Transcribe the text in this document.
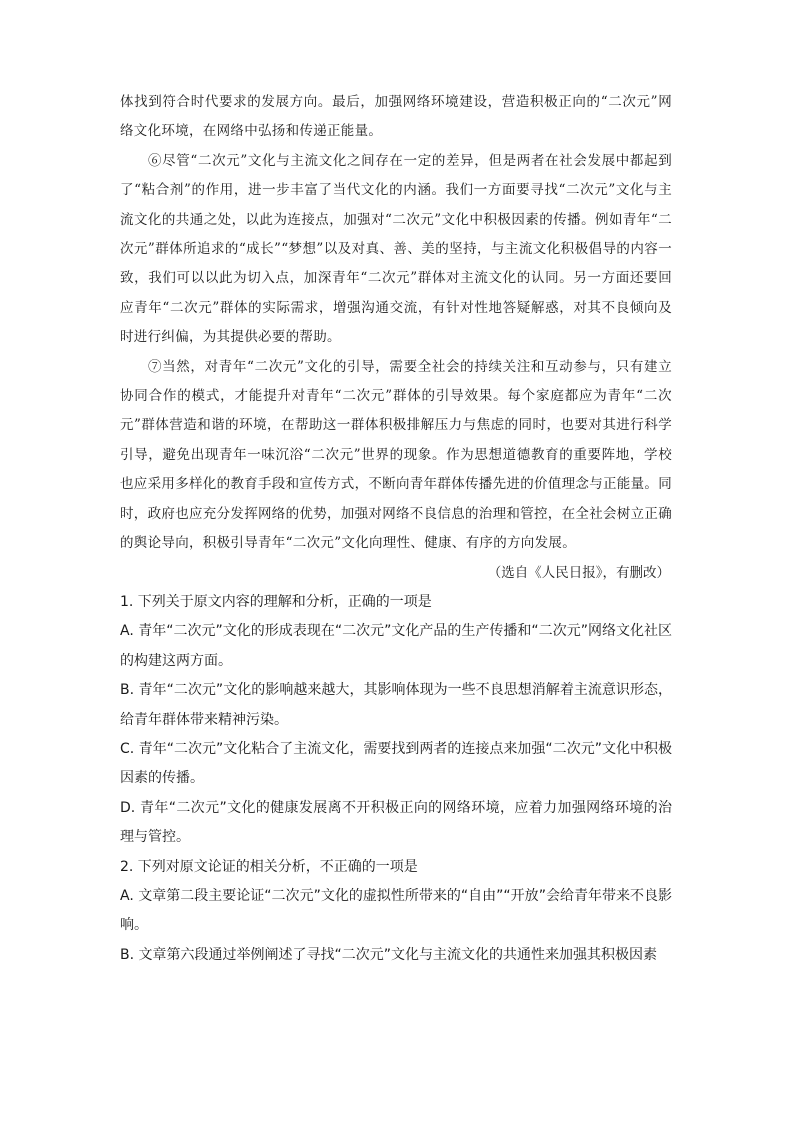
体找到符合时代要求的发展方向。最后，加强网络环境建设，营造积极正向的“二次元”网络文化环境，在网络中弘扬和传递正能量。

⑥尽管“二次元”文化与主流文化之间存在一定的差异，但是两者在社会发展中都起到了“粘合剂”的作用，进一步丰富了当代文化的内涵。我们一方面要寻找“二次元”文化与主流文化的共通之处，以此为连接点，加强对“二次元”文化中积极因素的传播。例如青年“二次元”群体所追求的“成长”“梦想”以及对真、善、美的坚持，与主流文化积极倡导的内容一致，我们可以以此为切入点，加深青年“二次元”群体对主流文化的认同。另一方面还要回应青年“二次元”群体的实际需求，增强沟通交流，有针对性地答疑解惑，对其不良倾向及时进行纠偏，为其提供必要的帮助。

⑦当然，对青年“二次元”文化的引导，需要全社会的持续关注和互动参与，只有建立协同合作的模式，才能提升对青年“二次元”群体的引导效果。每个家庭都应为青年“二次元”群体营造和谐的环境，在帮助这一群体积极排解压力与焦虑的同时，也要对其进行科学引导，避免出现青年一味沉浴“二次元”世界的现象。作为思想道德教育的重要阵地，学校也应采用多样化的教育手段和宣传方式，不断向青年群体传播先进的价值理念与正能量。同时，政府也应充分发挥网络的优势，加强对网络不良信息的治理和管控，在全社会树立正确的舆论导向，积极引导青年“二次元”文化向理性、健康、有序的方向发展。

（选自《人民日报》，有删改）

1. 下列关于原文内容的理解和分析，正确的一项是

A. 青年“二次元”文化的形成表现在“二次元”文化产品的生产传播和“二次元”网络文化社区的构建这两方面。

B. 青年“二次元”文化的影响越来越大，其影响体现为一些不良思想消解着主流意识形态，给青年群体带来精神污染。

C. 青年“二次元”文化粘合了主流文化，需要找到两者的连接点来加强“二次元”文化中积极因素的传播。

D. 青年“二次元”文化的健康发展离不开积极正向的网络环境，应着力加强网络环境的治理与管控。

2. 下列对原文论证的相关分析，不正确的一项是

A. 文章第二段主要论证“二次元”文化的虚拟性所带来的“自由”“开放”会给青年带来不良影响。

B. 文章第六段通过举例阐述了寻找“二次元”文化与主流文化的共通性来加强其积极因素
